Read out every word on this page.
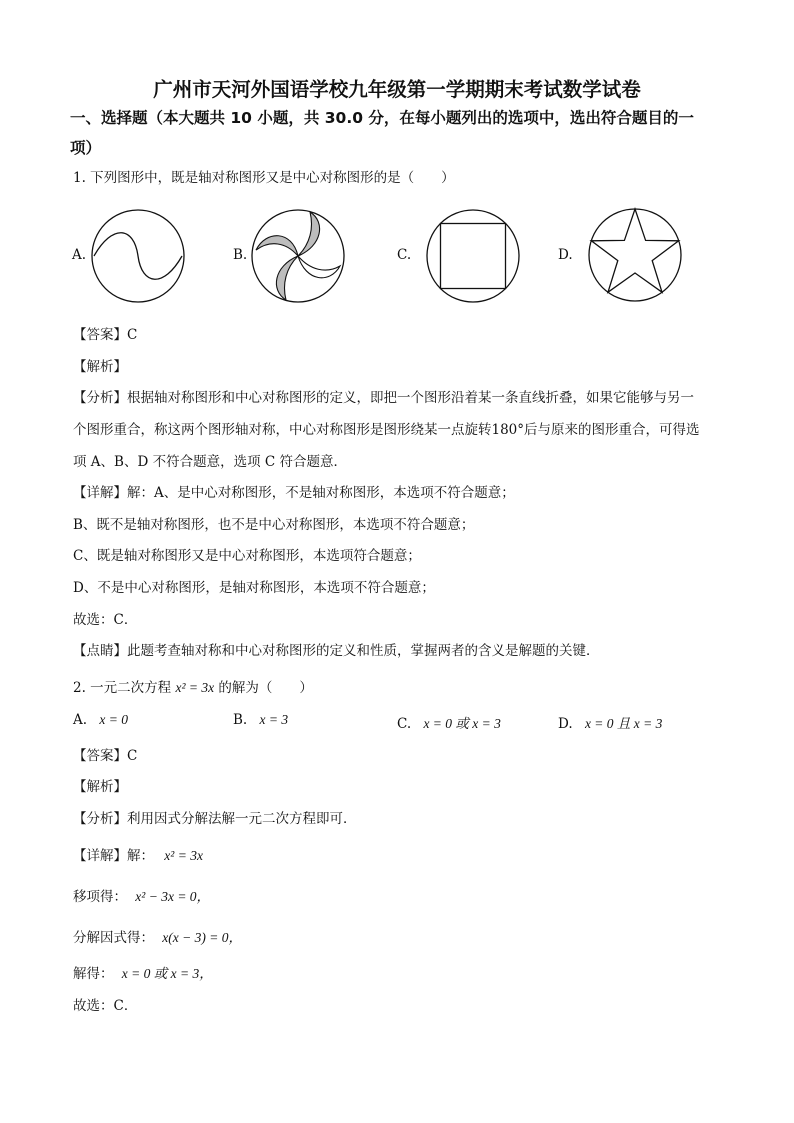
广州市天河外国语学校九年级第一学期期末考试数学试卷
一、选择题（本大题共 10 小题，共 30.0 分，在每小题列出的选项中，选出符合题目的一
项）
1. 下列图形中，既是轴对称图形又是中心对称图形的是（　　）
A.	B.	C.	D.
【答案】C
【解析】
【分析】根据轴对称图形和中心对称图形的定义，即把一个图形沿着某一条直线折叠，如果它能够与另一
个图形重合，称这两个图形轴对称，中心对称图形是图形绕某一点旋转180°后与原来的图形重合，可得选
项 A、B、D 不符合题意，选项 C 符合题意．
【详解】解：A、是中心对称图形，不是轴对称图形，本选项不符合题意；
B、既不是轴对称图形，也不是中心对称图形，本选项不符合题意；
C、既是轴对称图形又是中心对称图形，本选项符合题意；
D、不是中心对称图形，是轴对称图形，本选项不符合题意；
故选：C．
【点睛】此题考查轴对称和中心对称图形的定义和性质，掌握两者的含义是解题的关键．
2. 一元二次方程 x² = 3x 的解为（　　）
A. x = 0	B. x = 3	C. x = 0 或 x = 3	D. x = 0 且 x = 3
【答案】C
【解析】
【分析】利用因式分解法解一元二次方程即可．
【详解】解： x² = 3x
移项得： x² − 3x = 0，
分解因式得： x(x − 3) = 0，
解得： x = 0 或 x = 3，
故选：C．
